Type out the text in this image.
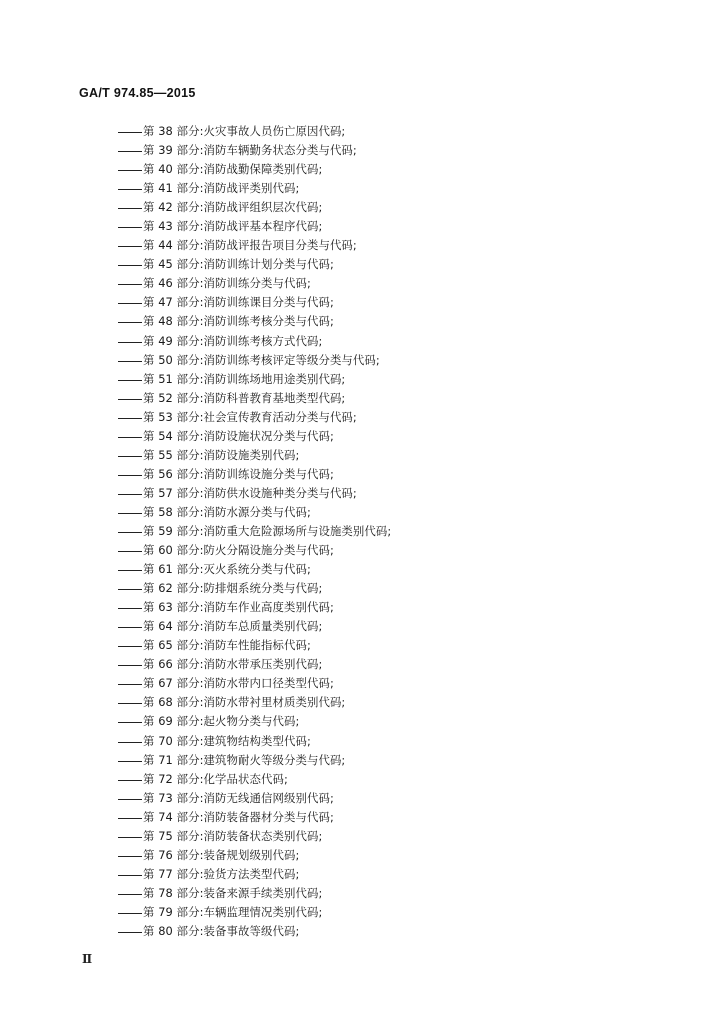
GA/T 974.85—2015
第 38 部分:火灾事故人员伤亡原因代码;
第 39 部分:消防车辆勤务状态分类与代码;
第 40 部分:消防战勤保障类别代码;
第 41 部分:消防战评类别代码;
第 42 部分:消防战评组织层次代码;
第 43 部分:消防战评基本程序代码;
第 44 部分:消防战评报告项目分类与代码;
第 45 部分:消防训练计划分类与代码;
第 46 部分:消防训练分类与代码;
第 47 部分:消防训练课目分类与代码;
第 48 部分:消防训练考核分类与代码;
第 49 部分:消防训练考核方式代码;
第 50 部分:消防训练考核评定等级分类与代码;
第 51 部分:消防训练场地用途类别代码;
第 52 部分:消防科普教育基地类型代码;
第 53 部分:社会宣传教育活动分类与代码;
第 54 部分:消防设施状况分类与代码;
第 55 部分:消防设施类别代码;
第 56 部分:消防训练设施分类与代码;
第 57 部分:消防供水设施种类分类与代码;
第 58 部分:消防水源分类与代码;
第 59 部分:消防重大危险源场所与设施类别代码;
第 60 部分:防火分隔设施分类与代码;
第 61 部分:灭火系统分类与代码;
第 62 部分:防排烟系统分类与代码;
第 63 部分:消防车作业高度类别代码;
第 64 部分:消防车总质量类别代码;
第 65 部分:消防车性能指标代码;
第 66 部分:消防水带承压类别代码;
第 67 部分:消防水带内口径类型代码;
第 68 部分:消防水带衬里材质类别代码;
第 69 部分:起火物分类与代码;
第 70 部分:建筑物结构类型代码;
第 71 部分:建筑物耐火等级分类与代码;
第 72 部分:化学品状态代码;
第 73 部分:消防无线通信网级别代码;
第 74 部分:消防装备器材分类与代码;
第 75 部分:消防装备状态类别代码;
第 76 部分:装备规划级别代码;
第 77 部分:验货方法类型代码;
第 78 部分:装备来源手续类别代码;
第 79 部分:车辆监理情况类别代码;
第 80 部分:装备事故等级代码;
Ⅱ
